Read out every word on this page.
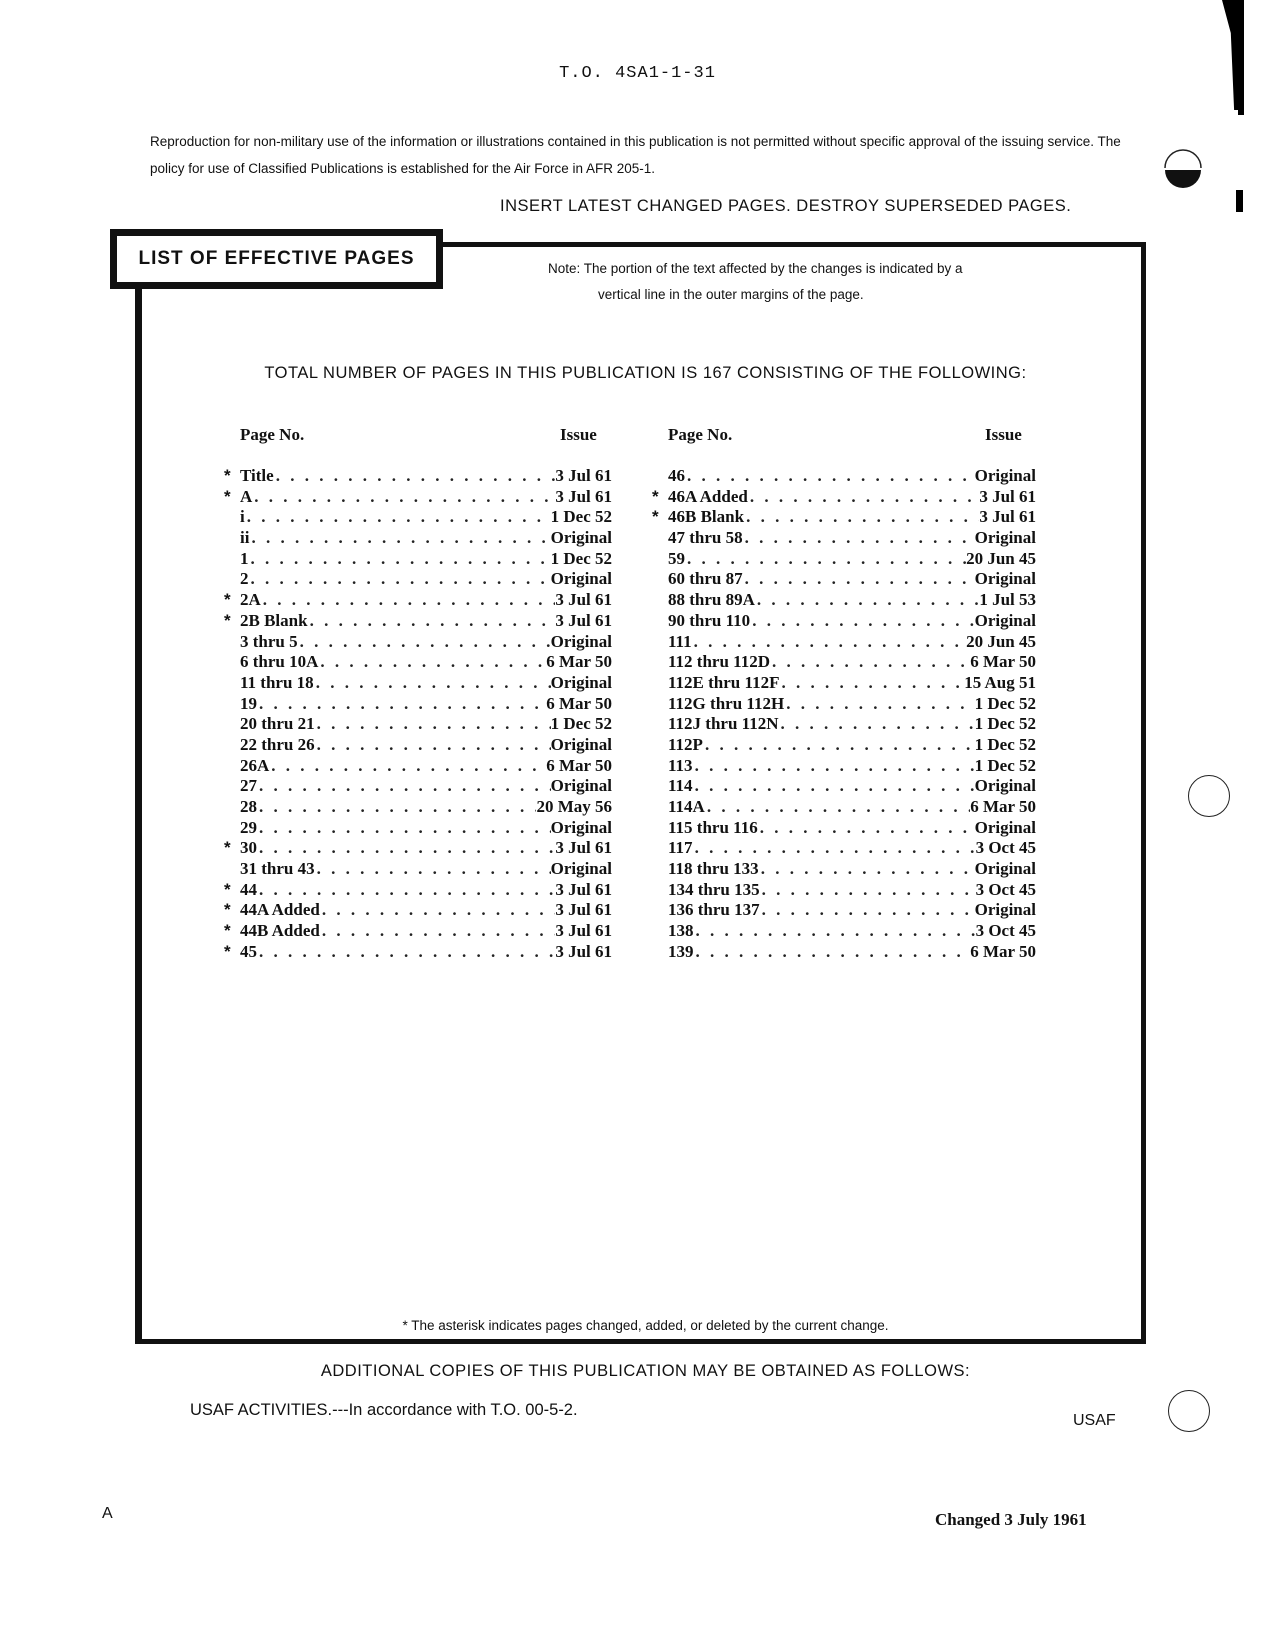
T.O. 4SA1-1-31
Reproduction for non-military use of the information or illustrations contained in this publication is not permitted without specific approval of the issuing service. The policy for use of Classified Publications is established for the Air Force in AFR 205-1.
INSERT LATEST CHANGED PAGES. DESTROY SUPERSEDED PAGES.
LIST OF EFFECTIVE PAGES	Note: The portion of the text affected by the changes is indicated by a
vertical line in the outer margins of the page.
TOTAL NUMBER OF PAGES IN THIS PUBLICATION IS 167 CONSISTING OF THE FOLLOWING:
Page No.	Issue	Page No.	Issue
* Title . . .	3 Jul 61
* A . . .	3 Jul 61
i . . .	1 Dec 52
ii . . .	Original
1 . . .	1 Dec 52
2 . . .	Original
* 2A . . .	3 Jul 61
* 2B Blank . . .	3 Jul 61
3 thru 5 . . .	Original
6 thru 10A . . .	6 Mar 50
11 thru 18 . . .	Original
19 . . .	6 Mar 50
20 thru 21 . . .	1 Dec 52
22 thru 26 . . .	Original
26A . . .	6 Mar 50
27 . . .	Original
28 . . .	20 May 56
29 . . .	Original
* 30 . . .	3 Jul 61
31 thru 43 . . .	Original
* 44 . . .	3 Jul 61
* 44A Added . . .	3 Jul 61
* 44B Added . . .	3 Jul 61
* 45 . . .	3 Jul 61
46 . . .	Original
* 46A Added . . .	3 Jul 61
* 46B Blank . . .	3 Jul 61
47 thru 58 . . .	Original
59 . . .	20 Jun 45
60 thru 87 . . .	Original
88 thru 89A . . .	1 Jul 53
90 thru 110 . . .	Original
111 . . .	20 Jun 45
112 thru 112D . . .	6 Mar 50
112E thru 112F . . .	15 Aug 51
112G thru 112H . . .	1 Dec 52
112J thru 112N . . .	1 Dec 52
112P . . .	1 Dec 52
113 . . .	1 Dec 52
114 . . .	Original
114A . . .	6 Mar 50
115 thru 116 . . .	Original
117 . . .	3 Oct 45
118 thru 133 . . .	Original
134 thru 135 . . .	3 Oct 45
136 thru 137 . . .	Original
138 . . .	3 Oct 45
139 . . .	6 Mar 50
* The asterisk indicates pages changed, added, or deleted by the current change.
ADDITIONAL COPIES OF THIS PUBLICATION MAY BE OBTAINED AS FOLLOWS:
USAF ACTIVITIES.---In accordance with T.O. 00-5-2.
USAF
A	Changed 3 July 1961
